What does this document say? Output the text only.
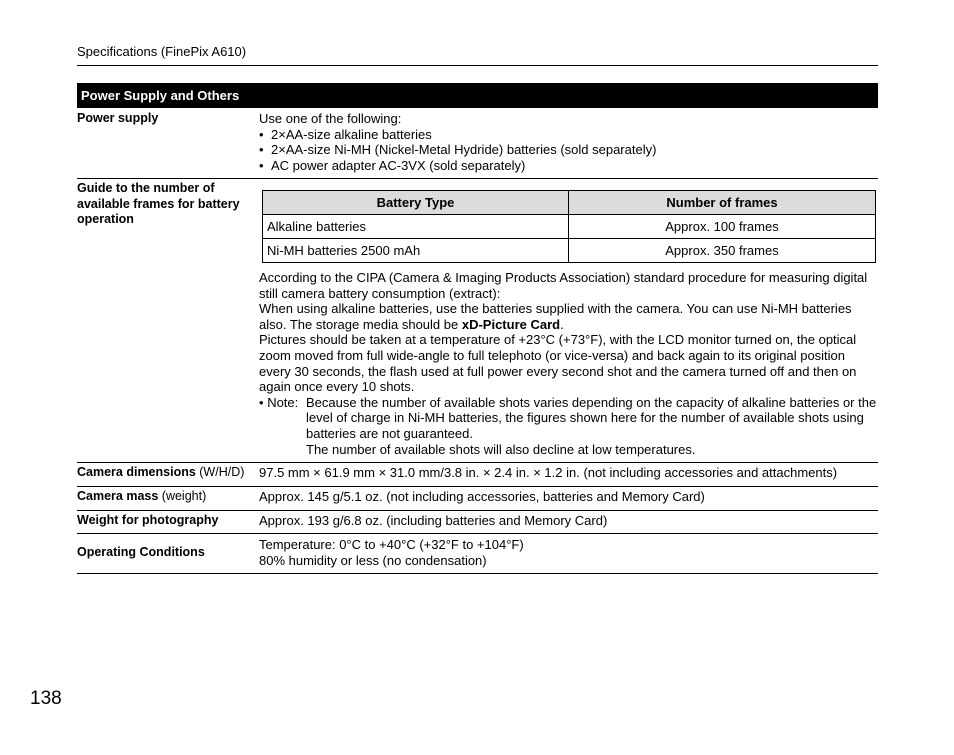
Specifications (FinePix A610)
Power Supply and Others
Power supply	Use one of the following:
• 2×AA-size alkaline batteries
• 2×AA-size Ni-MH (Nickel-Metal Hydride) batteries (sold separately)
• AC power adapter AC-3VX (sold separately)
Guide to the number of
available frames for battery
operation
Battery Type	Number of frames
Alkaline batteries	Approx. 100 frames
Ni-MH batteries 2500 mAh	Approx. 350 frames
According to the CIPA (Camera & Imaging Products Association) standard procedure for measuring digital still camera battery consumption (extract):
When using alkaline batteries, use the batteries supplied with the camera. You can use Ni-MH batteries also. The storage media should be xD-Picture Card.
Pictures should be taken at a temperature of +23°C (+73°F), with the LCD monitor turned on, the optical zoom moved from full wide-angle to full telephoto (or vice-versa) and back again to its original position every 30 seconds, the flash used at full power every second shot and the camera turned off and then on again once every 10 shots.
• Note: Because the number of available shots varies depending on the capacity of alkaline batteries or the level of charge in Ni-MH batteries, the figures shown here for the number of available shots using batteries are not guaranteed.
The number of available shots will also decline at low temperatures.
Camera dimensions (W/H/D) 97.5 mm × 61.9 mm × 31.0 mm/3.8 in. × 2.4 in. × 1.2 in. (not including accessories and attachments)
Camera mass (weight)	Approx. 145 g/5.1 oz. (not including accessories, batteries and Memory Card)
Weight for photography	Approx. 193 g/6.8 oz. (including batteries and Memory Card)
Operating Conditions	Temperature: 0°C to +40°C (+32°F to +104°F)
80% humidity or less (no condensation)
138
